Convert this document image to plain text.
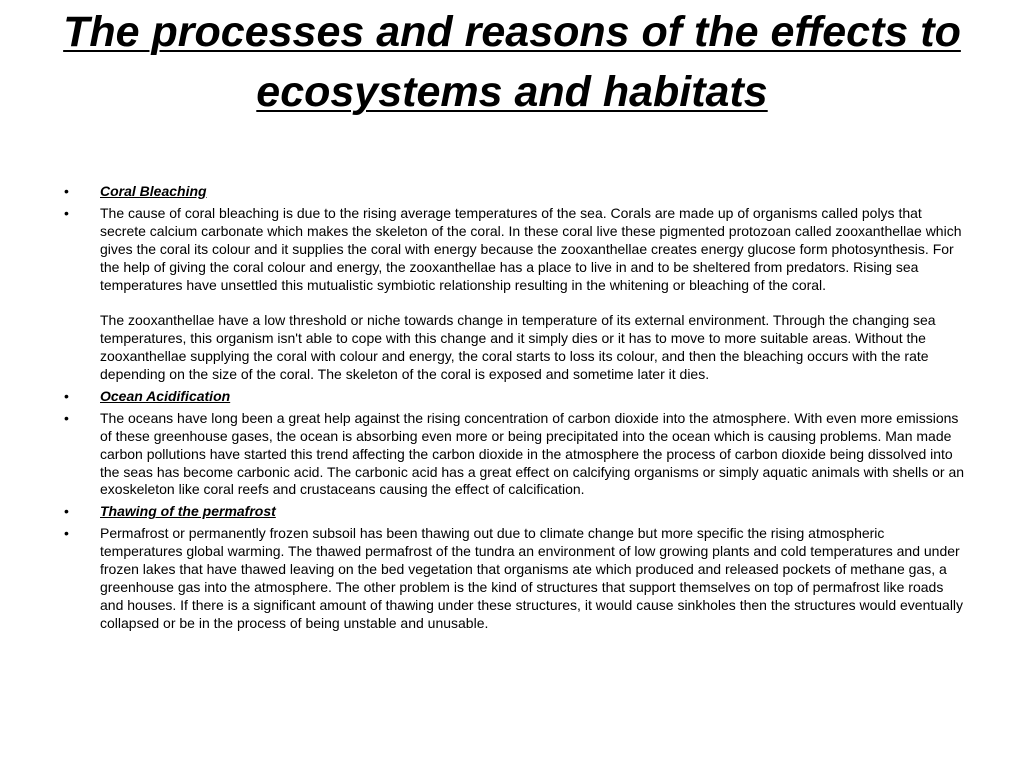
The processes and reasons of the effects to ecosystems and habitats
• Coral Bleaching
• The cause of coral bleaching is due to the rising average temperatures of the sea. Corals are made up of organisms called polys that secrete calcium carbonate which makes the skeleton of the coral. In these coral live these pigmented protozoan called zooxanthellae which gives the coral its colour and it supplies the coral with energy because the zooxanthellae creates energy glucose form photosynthesis. For the help of giving the coral colour and energy, the zooxanthellae has a place to live in and to be sheltered from predators. Rising sea temperatures have unsettled this mutualistic symbiotic relationship resulting in the whitening or bleaching of the coral.

The zooxanthellae have a low threshold or niche towards change in temperature of its external environment. Through the changing sea temperatures, this organism isn't able to cope with this change and it simply dies or it has to move to more suitable areas. Without the zooxanthellae supplying the coral with colour and energy, the coral starts to loss its colour, and then the bleaching occurs with the rate depending on the size of the coral. The skeleton of the coral is exposed and sometime later it dies.

• Ocean Acidification
• The oceans have long been a great help against the rising concentration of carbon dioxide into the atmosphere. With even more emissions of these greenhouse gases, the ocean is absorbing even more or being precipitated into the ocean which is causing problems. Man made carbon pollutions have started this trend affecting the carbon dioxide in the atmosphere the process of carbon dioxide being dissolved into the seas has become carbonic acid. The carbonic acid has a great effect on calcifying organisms or simply aquatic animals with shells or an exoskeleton like coral reefs and crustaceans causing the effect of calcification.

• Thawing of the permafrost
• Permafrost or permanently frozen subsoil has been thawing out due to climate change but more specific the rising atmospheric temperatures global warming. The thawed permafrost of the tundra an environment of low growing plants and cold temperatures and under frozen lakes that have thawed leaving on the bed vegetation that organisms ate which produced and released pockets of methane gas, a greenhouse gas into the atmosphere. The other problem is the kind of structures that support themselves on top of permafrost like roads and houses. If there is a significant amount of thawing under these structures, it would cause sinkholes then the structures would eventually collapsed or be in the process of being unstable and unusable.
